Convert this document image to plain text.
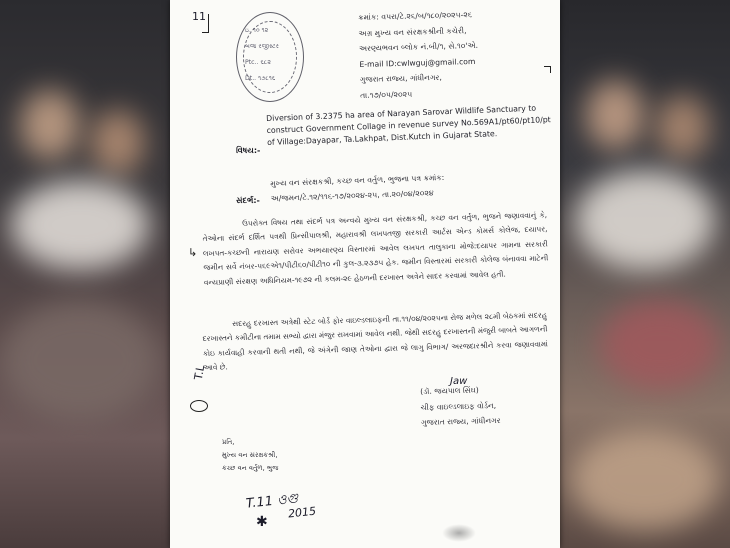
11
ઇ. ૧૦ ૧૨
બજ્ર રજીસ્ટર
Ptc.. ૬૮૨
Dt.. ૧૭૮૧૬
ક્રમાંક: વપરા/ટે.૨૬/બ/૧૮૦/૨૦૨૫-૨૬
અગ્ર મુખ્ય વન સંરક્ષકશ્રીની કચેરી,
અરણ્યભવન બ્લોક નં.બી/૧, સે.૧૦'એ.
E-mail ID:cwlwguj@gmail.com
ગુજરાત રાજ્ય, ગાંધીનગર,
તા.૧૭/૦૫/૨૦૨૫
વિષય:-
Diversion of 3.2375 ha area of Narayan Sarovar Wildlife Sanctuary to construct Government Collage in revenue survey No.569A1/pt60/pt10/pt of Village:Dayapar, Ta.Lakhpat, Dist.Kutch in Gujarat State.
સંદર્ભ:-
મુખ્ય વન સંરક્ષકશ્રી, કચ્છ વન વર્તુળ, ભુજના પત્ર ક્રમાંક:
અ/જમન/ટે.૧૨/૧૧૬-૧૭/૨૦૨૪-૨૫, તા.૨૦/૦૪/૨૦૨૪
↳
ઉપરોક્ત વિષય તથા સંદર્ભ પત્ર અન્વયે મુખ્ય વન સંરક્ષકશ્રી, કચ્છ વન વર્તુળ, ભુજને જણાવવાનું કે, તેઓના સંદર્ભ દર્શિત પત્રથી પ્રિન્સીપાલશ્રી, મહારાવશ્રી લખપતજી સરકારી આર્ટસ એન્ડ કોમર્સ કોલેજ, દયાપર, લખપત-કચ્છની નારાયણ સરોવર અભયારણ્ય વિસ્તારમાં આવેલ લખપત તાલુકાના મોજે:દયાપર ગામના સરકારી જમીન સર્વે નંબર-૫૬૯એ૧/પીટી૬૦/પીટી૧૦ ની કુલ-૩.૨૩૭૫ હેક. જમીન વિસ્તારમાં સરકારી કોલેજ બંનાવવા માટેની વન્યપ્રાણી સંરક્ષણ અધિનિયમ-૧૯૭૨ ની કલમ-૨૯ હેઠળની દરખાસ્ત અત્રેને સાદર કરવામાં આવેલ હતી.
સદરહુ દરખાસ્ત અત્રેથી સ્ટેટ બોર્ડ ફોર વાઇલ્ડલાઇફની તા.૧૧/૦૪/૨૦૨૫ના રોજ મળેલ ૨૮મી બેઠકમાં સદરહુ દરખાસ્તને કમીટીના તમામ સભ્યો દ્વારા મંજુર રાખવામાં આવેલ નથી. જેથી સદરહુ દરખાસ્તની મંજુરી બાબતે આગળની કોઇ કાર્યવાહી કરવાની થતી નથી, જે અંગેની જાણ તેઓના દ્વારા જે લાગુ વિભાગ/ અરજદારશ્રીને કરવા જણાવવામાં આવે છે.
T.L
Jaw
(ડૉ. જયપાલ સિંઘ)
ચીફ વાઇલ્ડલાઇફ વોર્ડન,
ગુજરાત રાજ્ય, ગાંધીનગર
પ્રતિ,
મુખ્ય વન સંરક્ષકશ્રી,
કચ્છ વન વર્તુળ, ભુજ
T.11 ওগু
2015
✱
